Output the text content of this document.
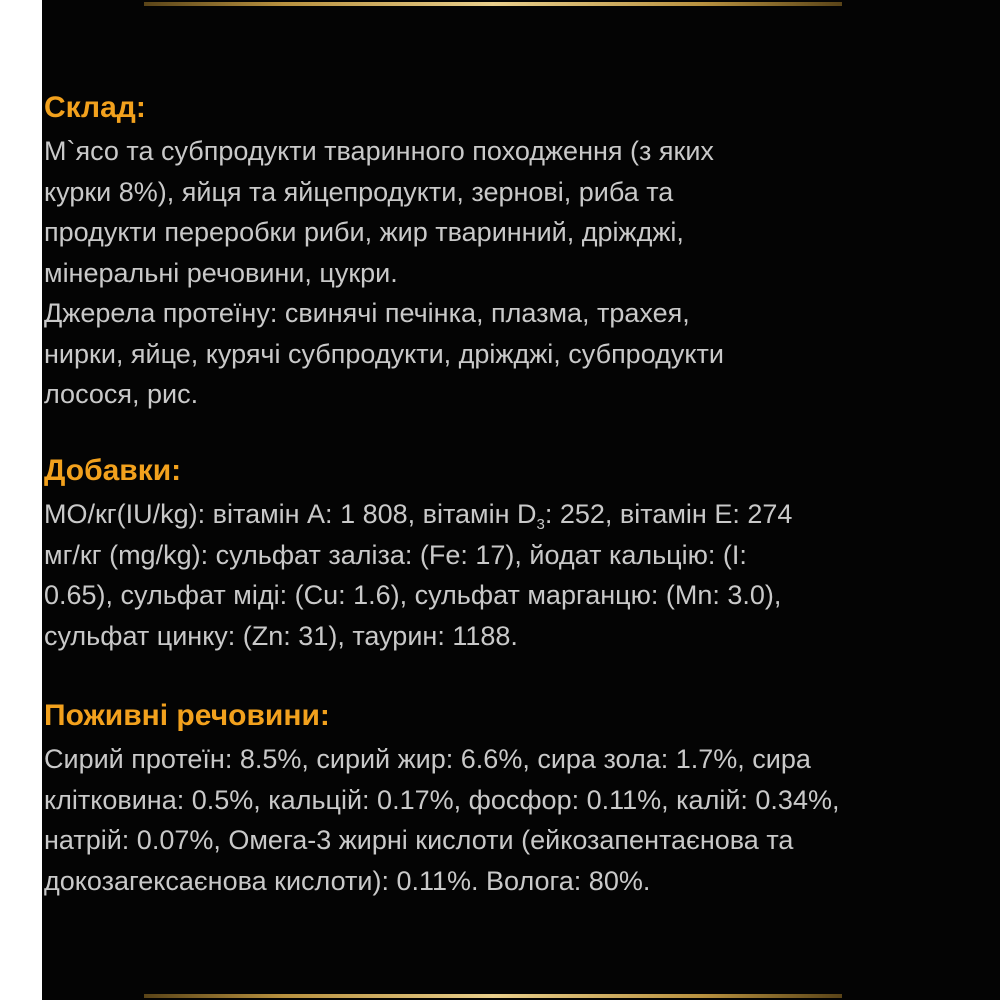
Склад:
М`ясо та субпродукти тваринного походження (з яких
курки 8%), яйця та яйцепродукти, зернові, риба та
продукти переробки риби, жир тваринний, дріжджі,
мінеральні речовини, цукри.
Джерела протеїну: свинячі печінка, плазма, трахея,
нирки, яйце, курячі субпродукти, дріжджі, субпродукти
лосося, рис.
Добавки:
МО/кг(IU/kg): вітамін А: 1 808, вітамін $D_3$: 252, вітамін Е: 274
мг/кг (mg/kg): сульфат заліза: (Fe: 17), йодат кальцію: (I:
0.65), сульфат міді: (Cu: 1.6), сульфат марганцю: (Mn: 3.0),
сульфат цинку: (Zn: 31), таурин: 1188.
Поживні речовини:
Сирий протеїн: 8.5%, сирий жир: 6.6%, сира зола: 1.7%, сира
клітковина: 0.5%, кальцій: 0.17%, фосфор: 0.11%, калій: 0.34%,
натрій: 0.07%, Омега-3 жирні кислоти (ейкозапентаєнова та
докозагексаєнова кислоти): 0.11%. Волога: 80%.
